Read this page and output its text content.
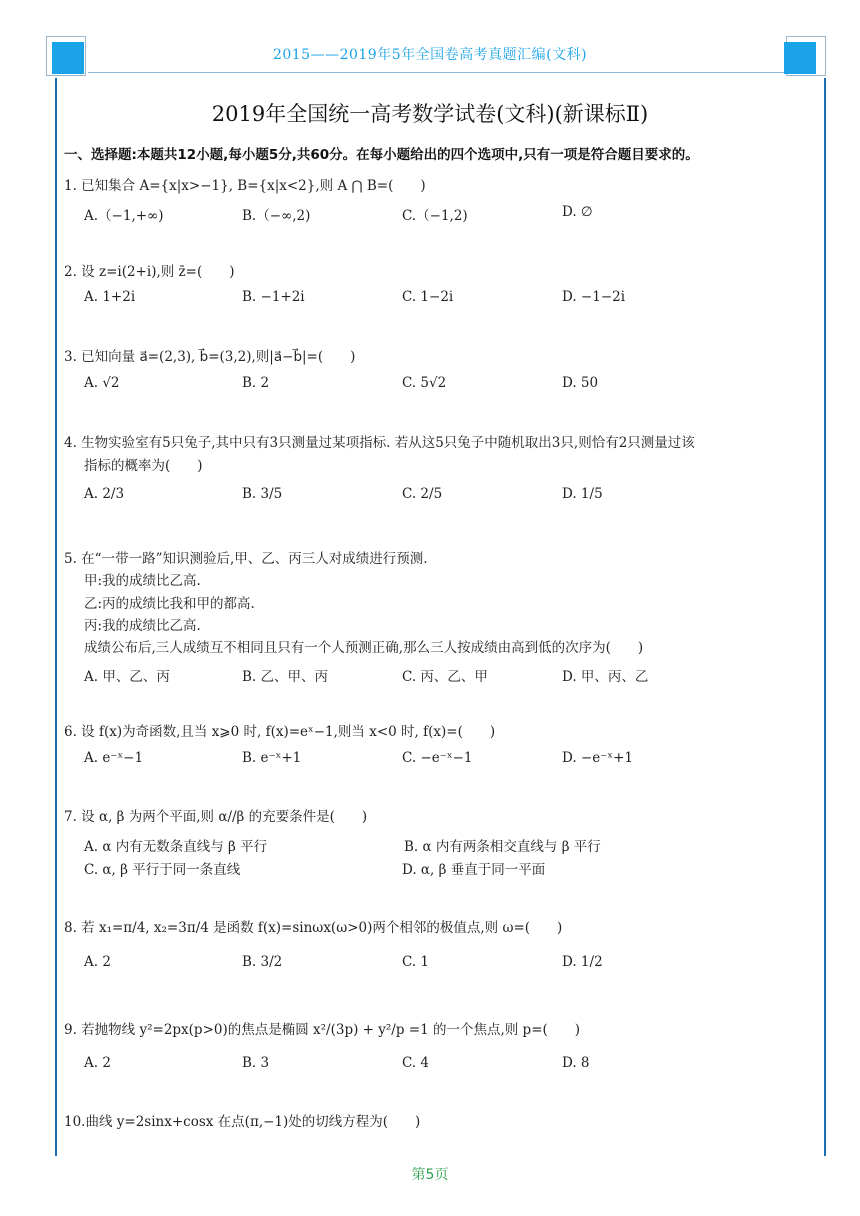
2015——2019年5年全国卷高考真题汇编(文科)
2019年全国统一高考数学试卷(文科)(新课标Ⅱ)
一、选择题:本题共12小题,每小题5分,共60分。在每小题给出的四个选项中,只有一项是符合题目要求的。
1. 已知集合 A={x|x>−1}, B={x|x<2},则 A ⋂ B=(　　)
A.（−1,+∞)	B.（−∞,2)	C.（−1,2)	D. ∅
2. 设 z=i(2+i),则 z̄=(　　)
A. 1+2i	B. −1+2i	C. 1−2i	D. −1−2i
3. 已知向量 a⃗=(2,3), b⃗=(3,2),则|a⃗−b⃗|=(　　)
A. √2	B. 2	C. 5√2	D. 50
4. 生物实验室有5只兔子,其中只有3只测量过某项指标. 若从这5只兔子中随机取出3只,则恰有2只测量过该
指标的概率为(　　)
A. 2/3	B. 3/5	C. 2/5	D. 1/5
5. 在“一带一路”知识测验后,甲、乙、丙三人对成绩进行预测.
甲:我的成绩比乙高.
乙:丙的成绩比我和甲的都高.
丙:我的成绩比乙高.
成绩公布后,三人成绩互不相同且只有一个人预测正确,那么三人按成绩由高到低的次序为(　　)
A. 甲、乙、丙	B. 乙、甲、丙	C. 丙、乙、甲	D. 甲、丙、乙
6. 设 f(x)为奇函数,且当 x⩾0 时, f(x)=eˣ−1,则当 x<0 时, f(x)=(　　)
A. e⁻ˣ−1	B. e⁻ˣ+1	C. −e⁻ˣ−1	D. −e⁻ˣ+1
7. 设 α, β 为两个平面,则 α//β 的充要条件是(　　)
A. α 内有无数条直线与 β 平行	B. α 内有两条相交直线与 β 平行
C. α, β 平行于同一条直线	D. α, β 垂直于同一平面
8. 若 x₁=π/4, x₂=3π/4 是函数 f(x)=sinωx(ω>0)两个相邻的极值点,则 ω=(　　)
A. 2	B. 3/2	C. 1	D. 1/2
9. 若抛物线 y²=2px(p>0)的焦点是椭圆 x²/(3p) + y²/p =1 的一个焦点,则 p=(　　)
A. 2	B. 3	C. 4	D. 8
10.曲线 y=2sinx+cosx 在点(π,−1)处的切线方程为(　　)
第5页
